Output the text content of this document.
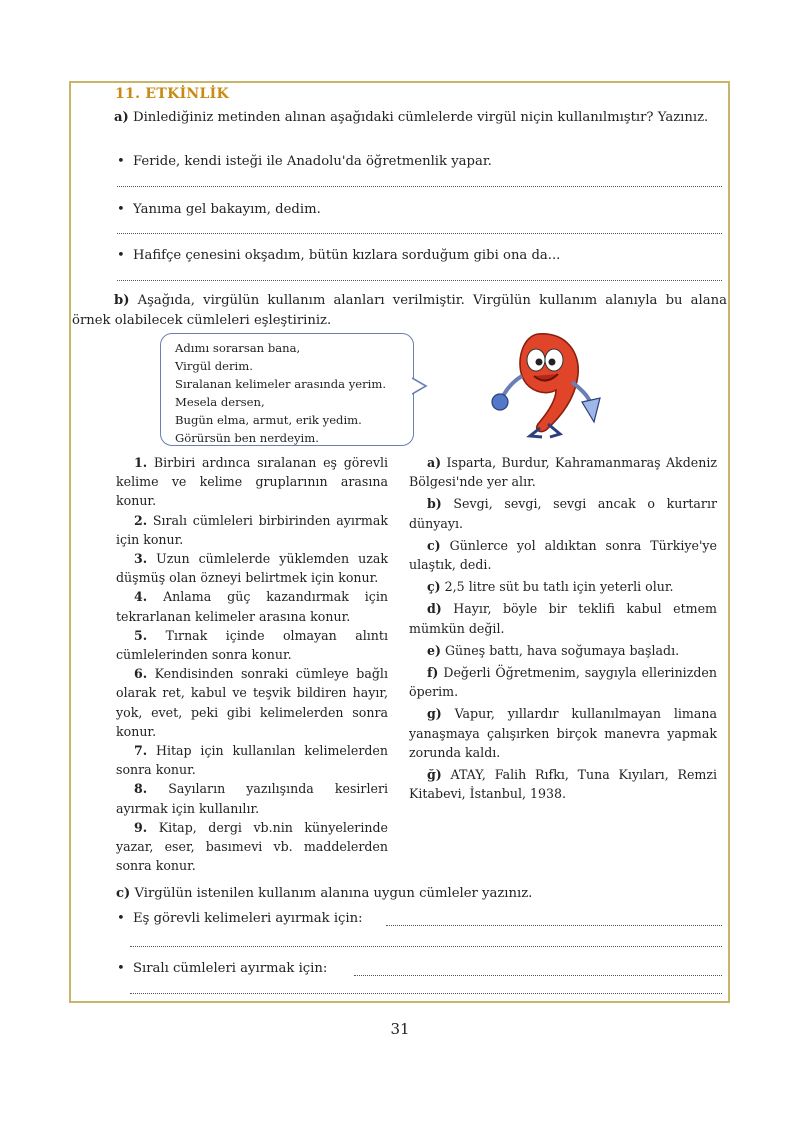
11. ETKİNLİK
a) Dinlediğiniz metinden alınan aşağıdaki cümlelerde virgül niçin kullanılmıştır? Yazınız.
• Feride, kendi isteği ile Anadolu'da öğretmenlik yapar.
• Yanıma gel bakayım, dedim.
• Hafifçe çenesini okşadım, bütün kızlara sorduğum gibi ona da...
b) Aşağıda, virgülün kullanım alanları verilmiştir. Virgülün kullanım alanıyla bu alana örnek olabilecek cümleleri eşleştiriniz.
Adımı sorarsan bana,
Virgül derim.
Sıralanan kelimeler arasında yerim.
Mesela dersen,
Bugün elma, armut, erik yedim.
Görürsün ben nerdeyim.

1. Birbiri ardınca sıralanan eş görevli kelime ve kelime gruplarının arasına konur.

2. Sıralı cümleleri birbirinden ayırmak için konur.

3. Uzun cümlelerde yüklemden uzak düşmüş olan özneyi belirtmek için konur.

4. Anlama güç kazandırmak için tekrarlanan kelimeler arasına konur.

5. Tırnak içinde olmayan alıntı cümlelerinden sonra konur.

6. Kendisinden sonraki cümleye bağlı olarak ret, kabul ve teşvik bildiren hayır, yok, evet, peki gibi kelimelerden sonra konur.

7. Hitap için kullanılan kelimelerden sonra konur.

8. Sayıların yazılışında kesirleri ayırmak için kullanılır.

9. Kitap, dergi vb.nin künyelerinde yazar, eser, basımevi vb. maddelerden sonra konur.

a) Isparta, Burdur, Kahramanmaraş Akdeniz Bölgesi'nde yer alır.

b) Sevgi, sevgi, sevgi ancak o kurtarır dünyayı.

c) Günlerce yol aldıktan sonra Türkiye'ye ulaştık, dedi.

ç) 2,5 litre süt bu tatlı için yeterli olur.

d) Hayır, böyle bir teklifi kabul etmem mümkün değil.

e) Güneş battı, hava soğumaya başladı.

f) Değerli Öğretmenim, saygıyla ellerinizden öperim.

g) Vapur, yıllardır kullanılmayan limana yanaşmaya çalışırken birçok manevra yapmak zorunda kaldı.

ğ) ATAY, Falih Rıfkı, Tuna Kıyıları, Remzi Kitabevi, İstanbul, 1938.

c) Virgülün istenilen kullanım alanına uygun cümleler yazınız.
• Eş görevli kelimeleri ayırmak için:
• Sıralı cümleleri ayırmak için:
31
